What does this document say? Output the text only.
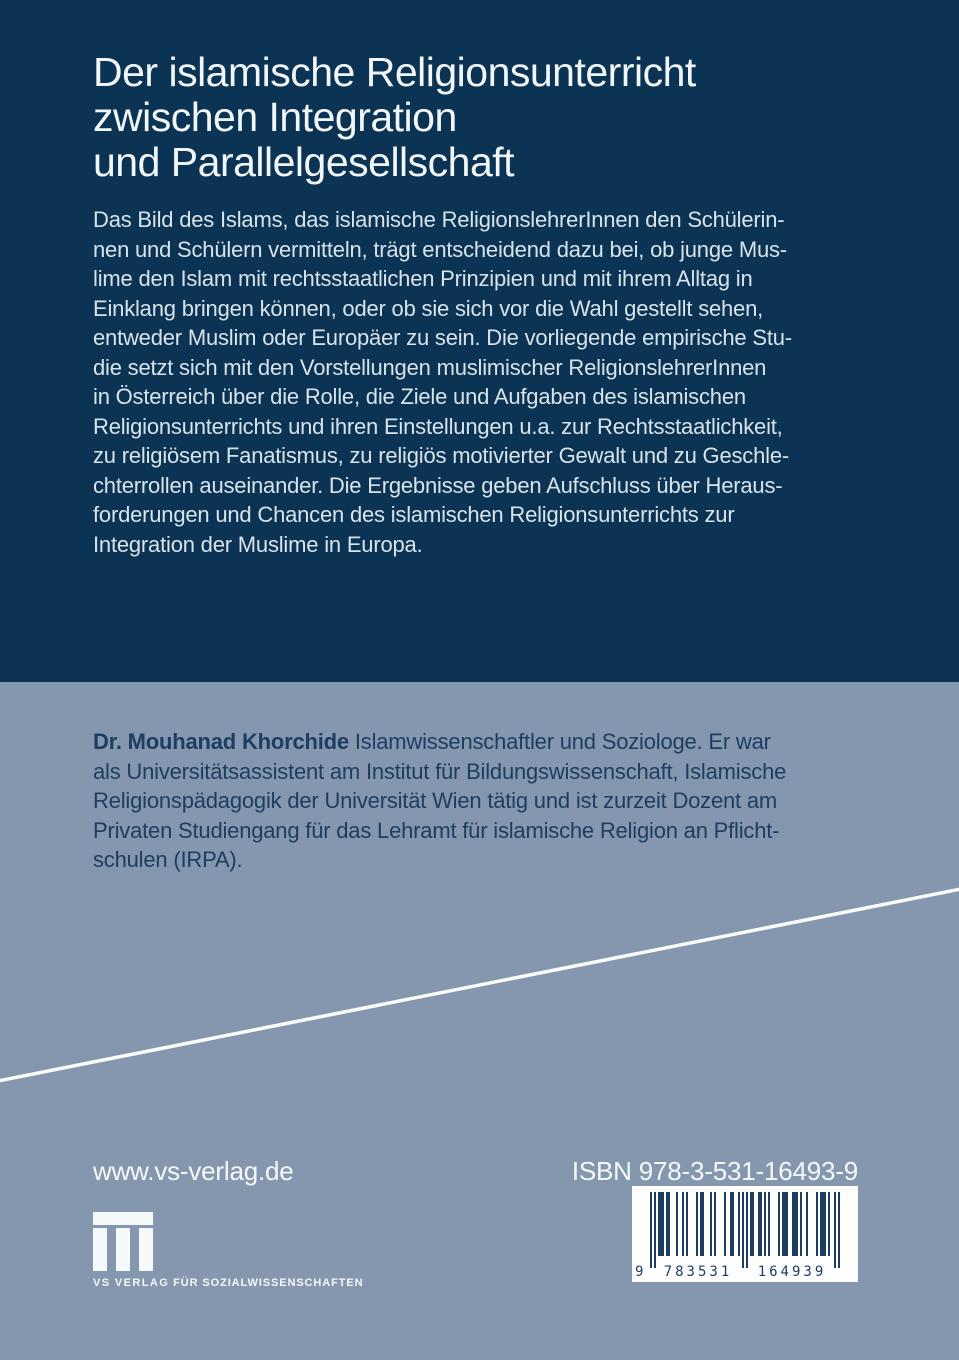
Der islamische Religionsunterricht
zwischen Integration
und Parallelgesellschaft
Das Bild des Islams, das islamische ReligionslehrerInnen den Schülerin-
nen und Schülern vermitteln, trägt entscheidend dazu bei, ob junge Mus-
lime den Islam mit rechtsstaatlichen Prinzipien und mit ihrem Alltag in
Einklang bringen können, oder ob sie sich vor die Wahl gestellt sehen,
entweder Muslim oder Europäer zu sein. Die vorliegende empirische Stu-
die setzt sich mit den Vorstellungen muslimischer ReligionslehrerInnen
in Österreich über die Rolle, die Ziele und Aufgaben des islamischen
Religionsunterrichts und ihren Einstellungen u.a. zur Rechtsstaatlichkeit,
zu religiösem Fanatismus, zu religiös motivierter Gewalt und zu Geschle-
chterrollen auseinander. Die Ergebnisse geben Aufschluss über Heraus-
forderungen und Chancen des islamischen Religionsunterrichts zur
Integration der Muslime in Europa.
Dr. Mouhanad Khorchide Islamwissenschaftler und Soziologe. Er war
als Universitätsassistent am Institut für Bildungswissenschaft, Islamische
Religionspädagogik der Universität Wien tätig und ist zurzeit Dozent am
Privaten Studiengang für das Lehramt für islamische Religion an Pflicht-
schulen (IRPA).
www.vs-verlag.de	ISBN 978-3-531-16493-9
9	783531	164939
VS VERLAG FÜR SOZIALWISSENSCHAFTEN
